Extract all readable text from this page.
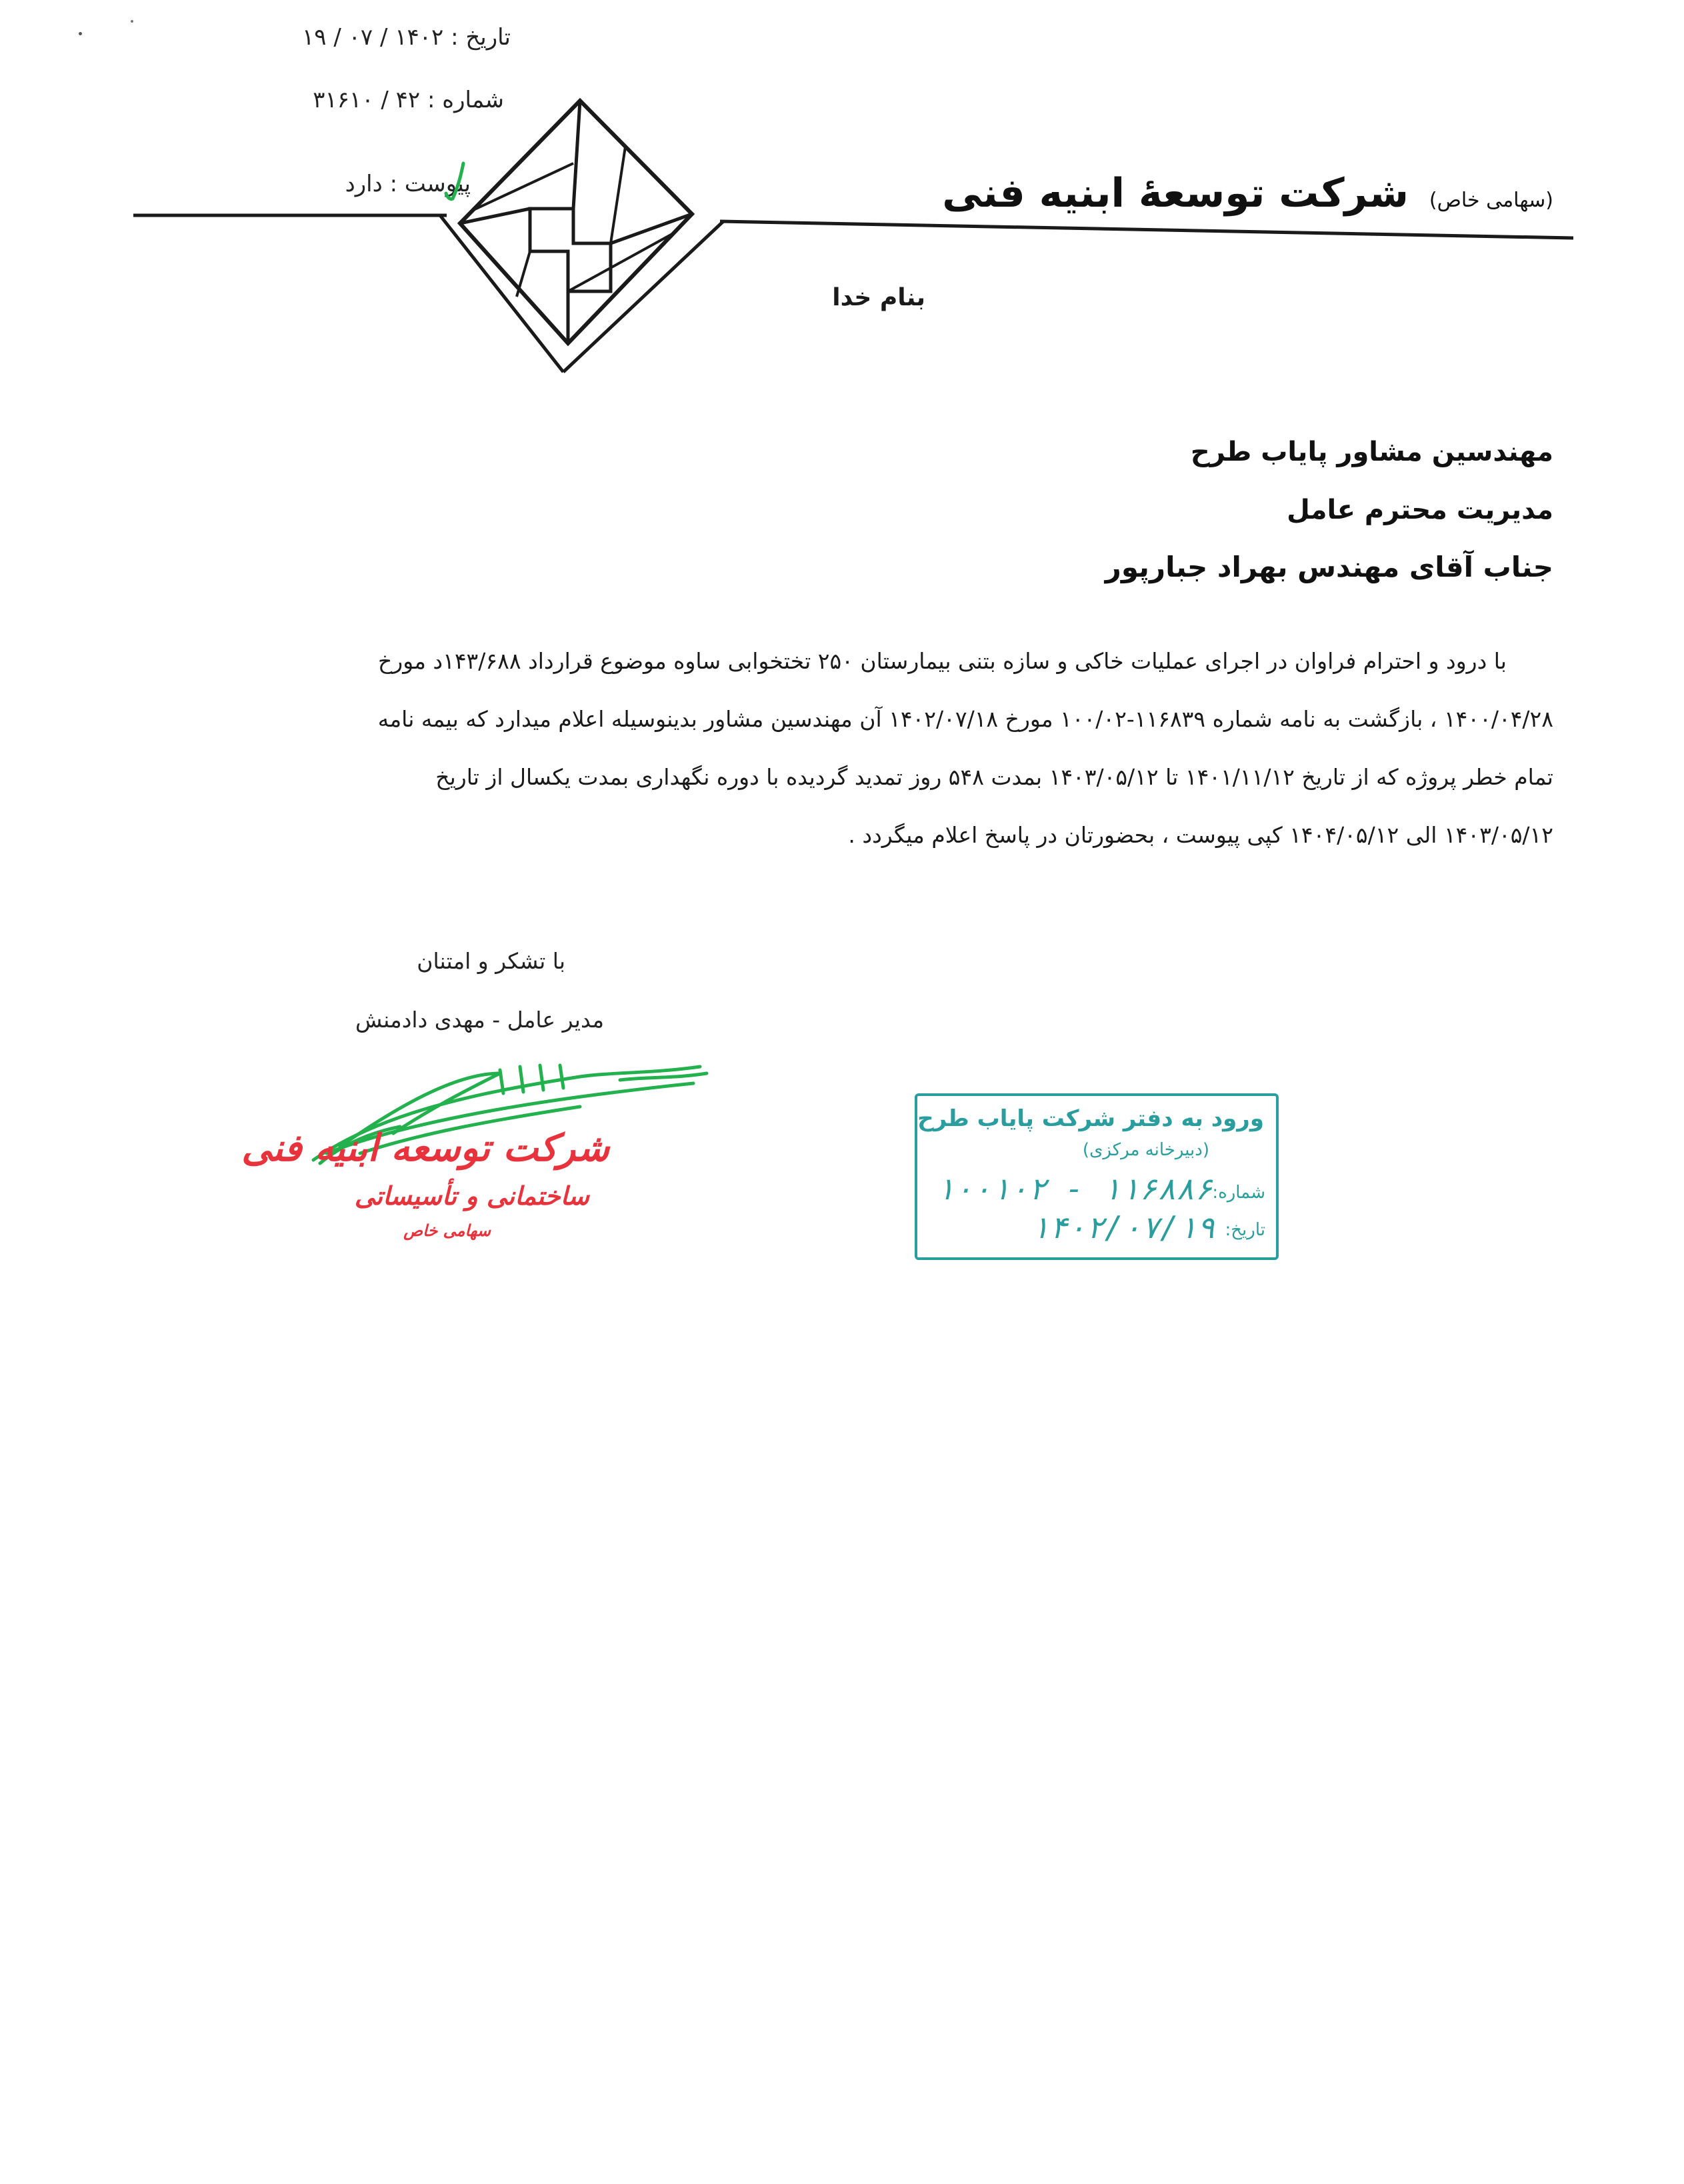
تاریخ : ۱۴۰۲ / ۰۷ / ۱۹
شماره : ۴۲ / ۳۱۶۱۰
پیوست : دارد
(سهامی خاص) شرکت توسعۀ ابنیه فنی
بنام خدا
مهندسین مشاور پایاب طرح
مدیریت محترم عامل
جناب آقای مهندس بهراد جبارپور
با درود و احترام فراوان در اجرای عملیات خاکی و سازه بتنی بیمارستان ۲۵۰ تختخوابی ساوه موضوع قرارداد ۱۴۳/۶۸۸د مورخ
۱۴۰۰/۰۴/۲۸ ، بازگشت به نامه شماره ۱۱۶۸۳۹-۱۰۰/۰۲ مورخ ۱۴۰۲/۰۷/۱۸ آن مهندسین مشاور بدینوسیله اعلام میدارد که بیمه نامه
تمام خطر پروژه که از تاریخ ۱۴۰۱/۱۱/۱۲ تا ۱۴۰۳/۰۵/۱۲ بمدت ۵۴۸ روز تمدید گردیده با دوره نگهداری بمدت یکسال از تاریخ
۱۴۰۳/۰۵/۱۲ الی ۱۴۰۴/۰۵/۱۲ کپی پیوست ، بحضورتان در پاسخ اعلام میگردد .
با تشکر و امتنان
مدیر عامل - مهدی دادمنش
شرکت توسعه ابنیه فنی
ساختمانی و تأسیساتی
سهامی خاص
ورود به دفتر شرکت پایاب طرح
(دبیرخانه مرکزی)
شماره:
۱۱۶۸۸۶ - ۱۰۰۱۰۲
تاریخ:
۱۴۰۲/۰۷/۱۹
